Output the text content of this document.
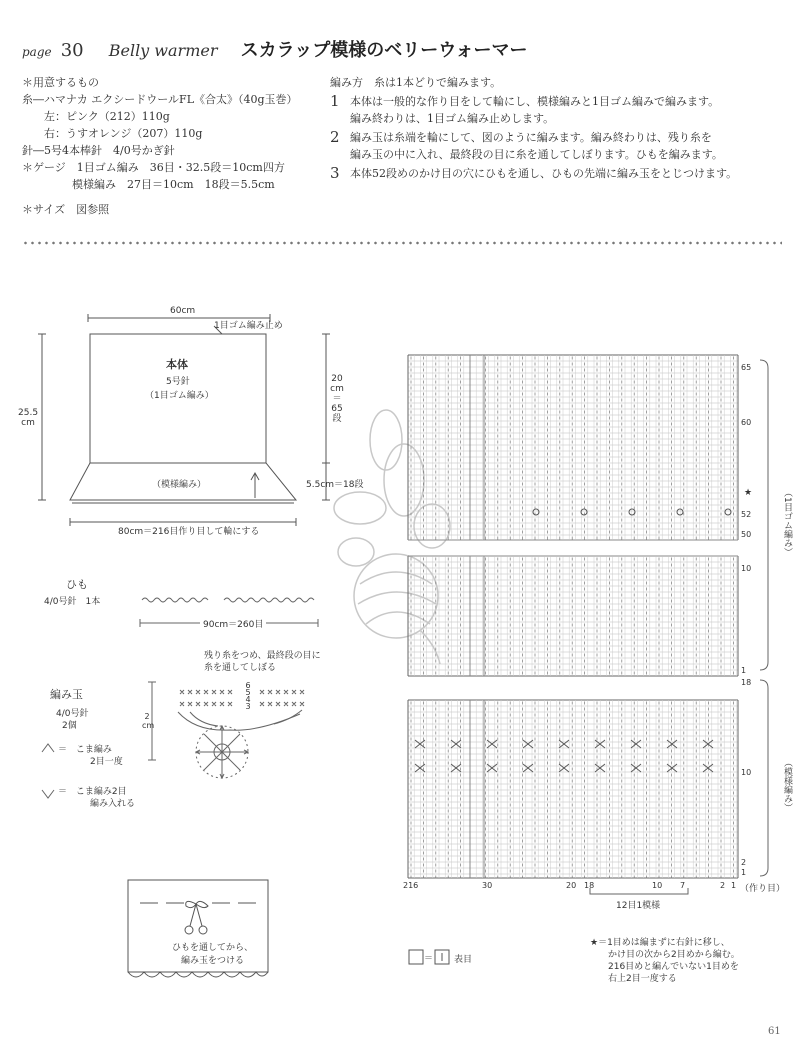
page 30 Belly warmer スカラップ模様のベリーウォーマー
＊用意するもの
糸―ハマナカ エクシードウールFL《合太》（40g玉巻）
左：ピンク（212）110g
右：うすオレンジ（207）110g
針―5号4本棒針　4/0号かぎ針
＊ゲージ　1目ゴム編み　36目・32.5段＝10cm四方
模様編み　27目＝10cm　18段＝5.5cm
＊サイズ　図参照
編み方　糸は1本どりで編みます。
1 本体は一般的な作り目をして輪にし、模様編みと1目ゴム編みで編みます。
編み終わりは、1目ゴム編み止めします。
2 編み玉は糸端を輪にして、図のように編みます。編み終わりは、残り糸を
編み玉の中に入れ、最終段の目に糸を通してしぼります。ひもを編みます。
3 本体52段めのかけ目の穴にひもを通し、ひもの先端に編み玉をとじつけます。
60cm
1目ゴム編み止め
本体
5号針
（1目ゴム編み）
25.5
cm
20
cm
＝
65
段
（模様編み）	5.5cm＝18段
80cm＝216目作り目して輪にする
ひも
4/0号針　1本
90cm＝260目
編み玉
4/0号針
2個
残り糸をつめ、最終段の目に
糸を通してしぼる
6
5
4
3
2
cm
＝ こま編み
2目一度
＝ こま編み2目
編み入れる
ひもを通してから、
編み玉をつける
65
60
52
50
10
1
18
10
2
1
★	（1目ゴム編み）
（模様編み）
216	30	20 18	10 7	2 1 （作り目）
12目1模様
＝ 表目
★＝1目めは編まずに右針に移し、
かけ目の次から2目めから編む。
216目めと編んでいない1目めを
右上2目一度する
61
